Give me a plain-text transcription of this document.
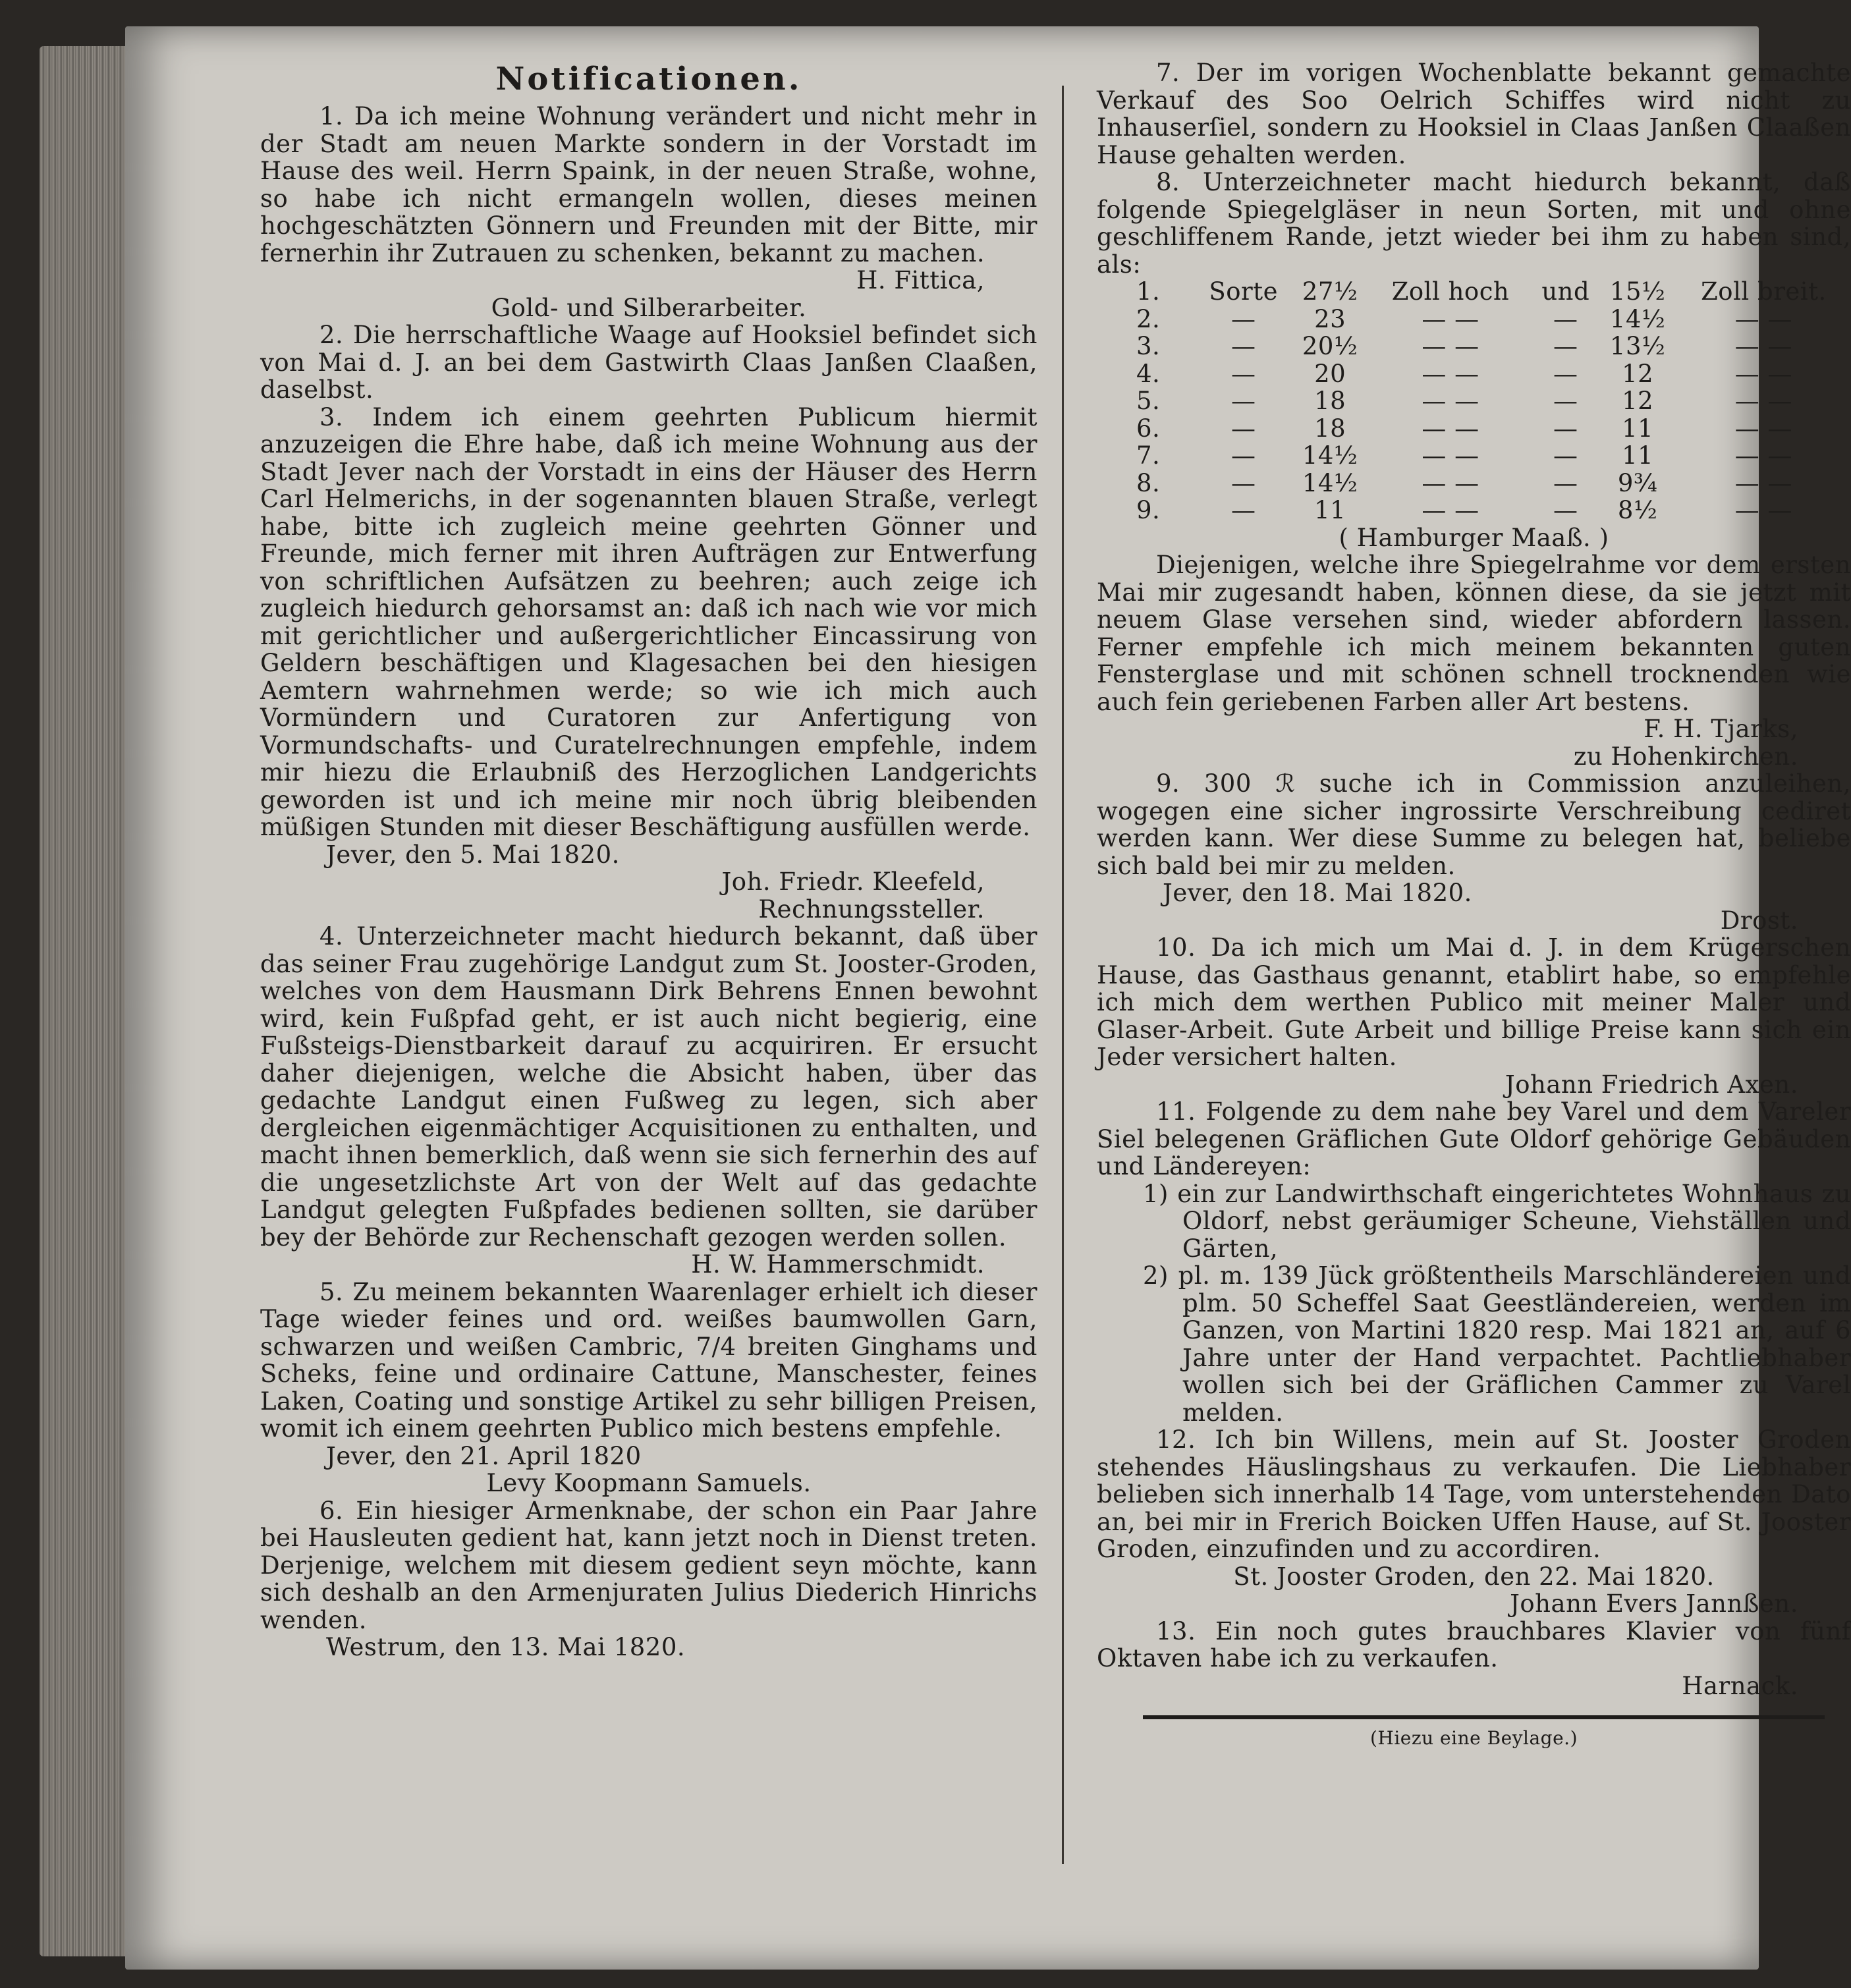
Notificationen.

1. Da ich meine Wohnung verändert und nicht mehr in der Stadt am neuen Markte sondern in der Vorstadt im Hause des weil. Herrn Spaink, in der neuen Straße, wohne, so habe ich nicht ermangeln wollen, dieses meinen hochgeschätzten Gönnern und Freunden mit der Bitte, mir fernerhin ihr Zutrauen zu schenken, bekannt zu machen.

H. Fittica,
Gold- und Silberarbeiter.

2. Die herrschaftliche Waage auf Hooksiel befindet sich von Mai d. J. an bei dem Gastwirth Claas Janßen Claaßen, daselbst.

3. Indem ich einem geehrten Publicum hiermit anzuzeigen die Ehre habe, daß ich meine Wohnung aus der Stadt Jever nach der Vorstadt in eins der Häuser des Herrn Carl Helmerichs, in der sogenannten blauen Straße, verlegt habe, bitte ich zugleich meine geehrten Gönner und Freunde, mich ferner mit ihren Aufträgen zur Entwerfung von schriftlichen Aufsätzen zu beehren; auch zeige ich zugleich hiedurch gehorsamst an: daß ich nach wie vor mich mit gerichtlicher und außergerichtlicher Eincassirung von Geldern beschäftigen und Klagesachen bei den hiesigen Aemtern wahrnehmen werde; so wie ich mich auch Vormündern und Curatoren zur Anfertigung von Vormundschafts- und Curatelrechnungen empfehle, indem mir hiezu die Erlaubniß des Herzoglichen Landgerichts geworden ist und ich meine mir noch übrig bleibenden müßigen Stunden mit dieser Beschäftigung ausfüllen werde.

Jever, den 5. Mai 1820.
Joh. Friedr. Kleefeld,
Rechnungssteller.

4. Unterzeichneter macht hiedurch bekannt, daß über das seiner Frau zugehörige Landgut zum St. Jooster-Groden, welches von dem Hausmann Dirk Behrens Ennen bewohnt wird, kein Fußpfad geht, er ist auch nicht begierig, eine Fußsteigs-Dienstbarkeit darauf zu acquiriren. Er ersucht daher diejenigen, welche die Absicht haben, über das gedachte Landgut einen Fußweg zu legen, sich aber dergleichen eigenmächtiger Acquisitionen zu enthalten, und macht ihnen bemerklich, daß wenn sie sich fernerhin des auf die ungesetzlichste Art von der Welt auf das gedachte Landgut gelegten Fußpfades bedienen sollten, sie darüber bey der Behörde zur Rechenschaft gezogen werden sollen.

H. W. Hammerschmidt.

5. Zu meinem bekannten Waarenlager erhielt ich dieser Tage wieder feines und ord. weißes baumwollen Garn, schwarzen und weißen Cambric, 7/4 breiten Ginghams und Scheks, feine und ordinaire Cattune, Manschester, feines Laken, Coating und sonstige Artikel zu sehr billigen Preisen, womit ich einem geehrten Publico mich bestens empfehle.

Jever, den 21. April 1820
Levy Koopmann Samuels.

6. Ein hiesiger Armenknabe, der schon ein Paar Jahre bei Hausleuten gedient hat, kann jetzt noch in Dienst treten. Derjenige, welchem mit diesem gedient seyn möchte, kann sich deshalb an den Armenjuraten Julius Diederich Hinrichs wenden.

Westrum, den 13. Mai 1820.

7. Der im vorigen Wochenblatte bekannt gemachte Verkauf des Soo Oelrich Schiffes wird nicht zu Inhauserſiel, sondern zu Hooksiel in Claas Janßen Claaßen Hause gehalten werden.

8. Unterzeichneter macht hiedurch bekannt, daß folgende Spiegelgläser in neun Sorten, mit und ohne geschliffenem Rande, jetzt wieder bei ihm zu haben sind, als:

1.	Sorte	27½	Zoll hoch	und	15½	Zoll breit.
2.	—	23	— —	—	14½	— —
3.	—	20½	— —	—	13½	— —
4.	—	20	— —	—	12	— —
5.	—	18	— —	—	12	— —
6.	—	18	— —	—	11	— —
7.	—	14½	— —	—	11	— —
8.	—	14½	— —	—	9¾	— —
9.	—	11	— —	—	8½	— —
( Hamburger Maaß. )

Diejenigen, welche ihre Spiegelrahme vor dem ersten Mai mir zugesandt haben, können diese, da sie jetzt mit neuem Glase versehen sind, wieder abfordern lassen. Ferner empfehle ich mich meinem bekannten guten Fensterglase und mit schönen schnell trocknenden wie auch fein geriebenen Farben aller Art bestens.

F. H. Tjarks,
zu Hohenkirchen.

9. 300 ℛ suche ich in Commission anzuleihen, wogegen eine sicher ingrossirte Verschreibung cediret werden kann. Wer diese Summe zu belegen hat, beliebe sich bald bei mir zu melden.

Jever, den 18. Mai 1820.
Drost.

10. Da ich mich um Mai d. J. in dem Krügerschen Hause, das Gasthaus genannt, etablirt habe, so empfehle ich mich dem werthen Publico mit meiner Maler und Glaser-Arbeit. Gute Arbeit und billige Preise kann sich ein Jeder versichert halten.

Johann Friedrich Axen.

11. Folgende zu dem nahe bey Varel und dem Vareler Siel belegenen Gräflichen Gute Oldorf gehörige Gebäuden und Ländereyen:

1) ein zur Landwirthschaft eingerichtetes Wohnhaus zu Oldorf, nebst geräumiger Scheune, Viehställen und Gärten,
2) pl. m. 139 Jück größtentheils Marschländereien und plm. 50 Scheffel Saat Geestländereien, werden im Ganzen, von Martini 1820 resp. Mai 1821 an, auf 6 Jahre unter der Hand verpachtet. Pachtliebhaber wollen sich bei der Gräflichen Cammer zu Varel melden.

12. Ich bin Willens, mein auf St. Jooster Groden stehendes Häuslingshaus zu verkaufen. Die Liebhaber belieben sich innerhalb 14 Tage, vom unterstehenden Dato an, bei mir in Frerich Boicken Uffen Hause, auf St. Jooster Groden, einzufinden und zu accordiren.

St. Jooster Groden, den 22. Mai 1820.
Johann Evers Jannßen.

13. Ein noch gutes brauchbares Klavier von fünf Oktaven habe ich zu verkaufen.

Harnack.
(Hiezu eine Beylage.)
